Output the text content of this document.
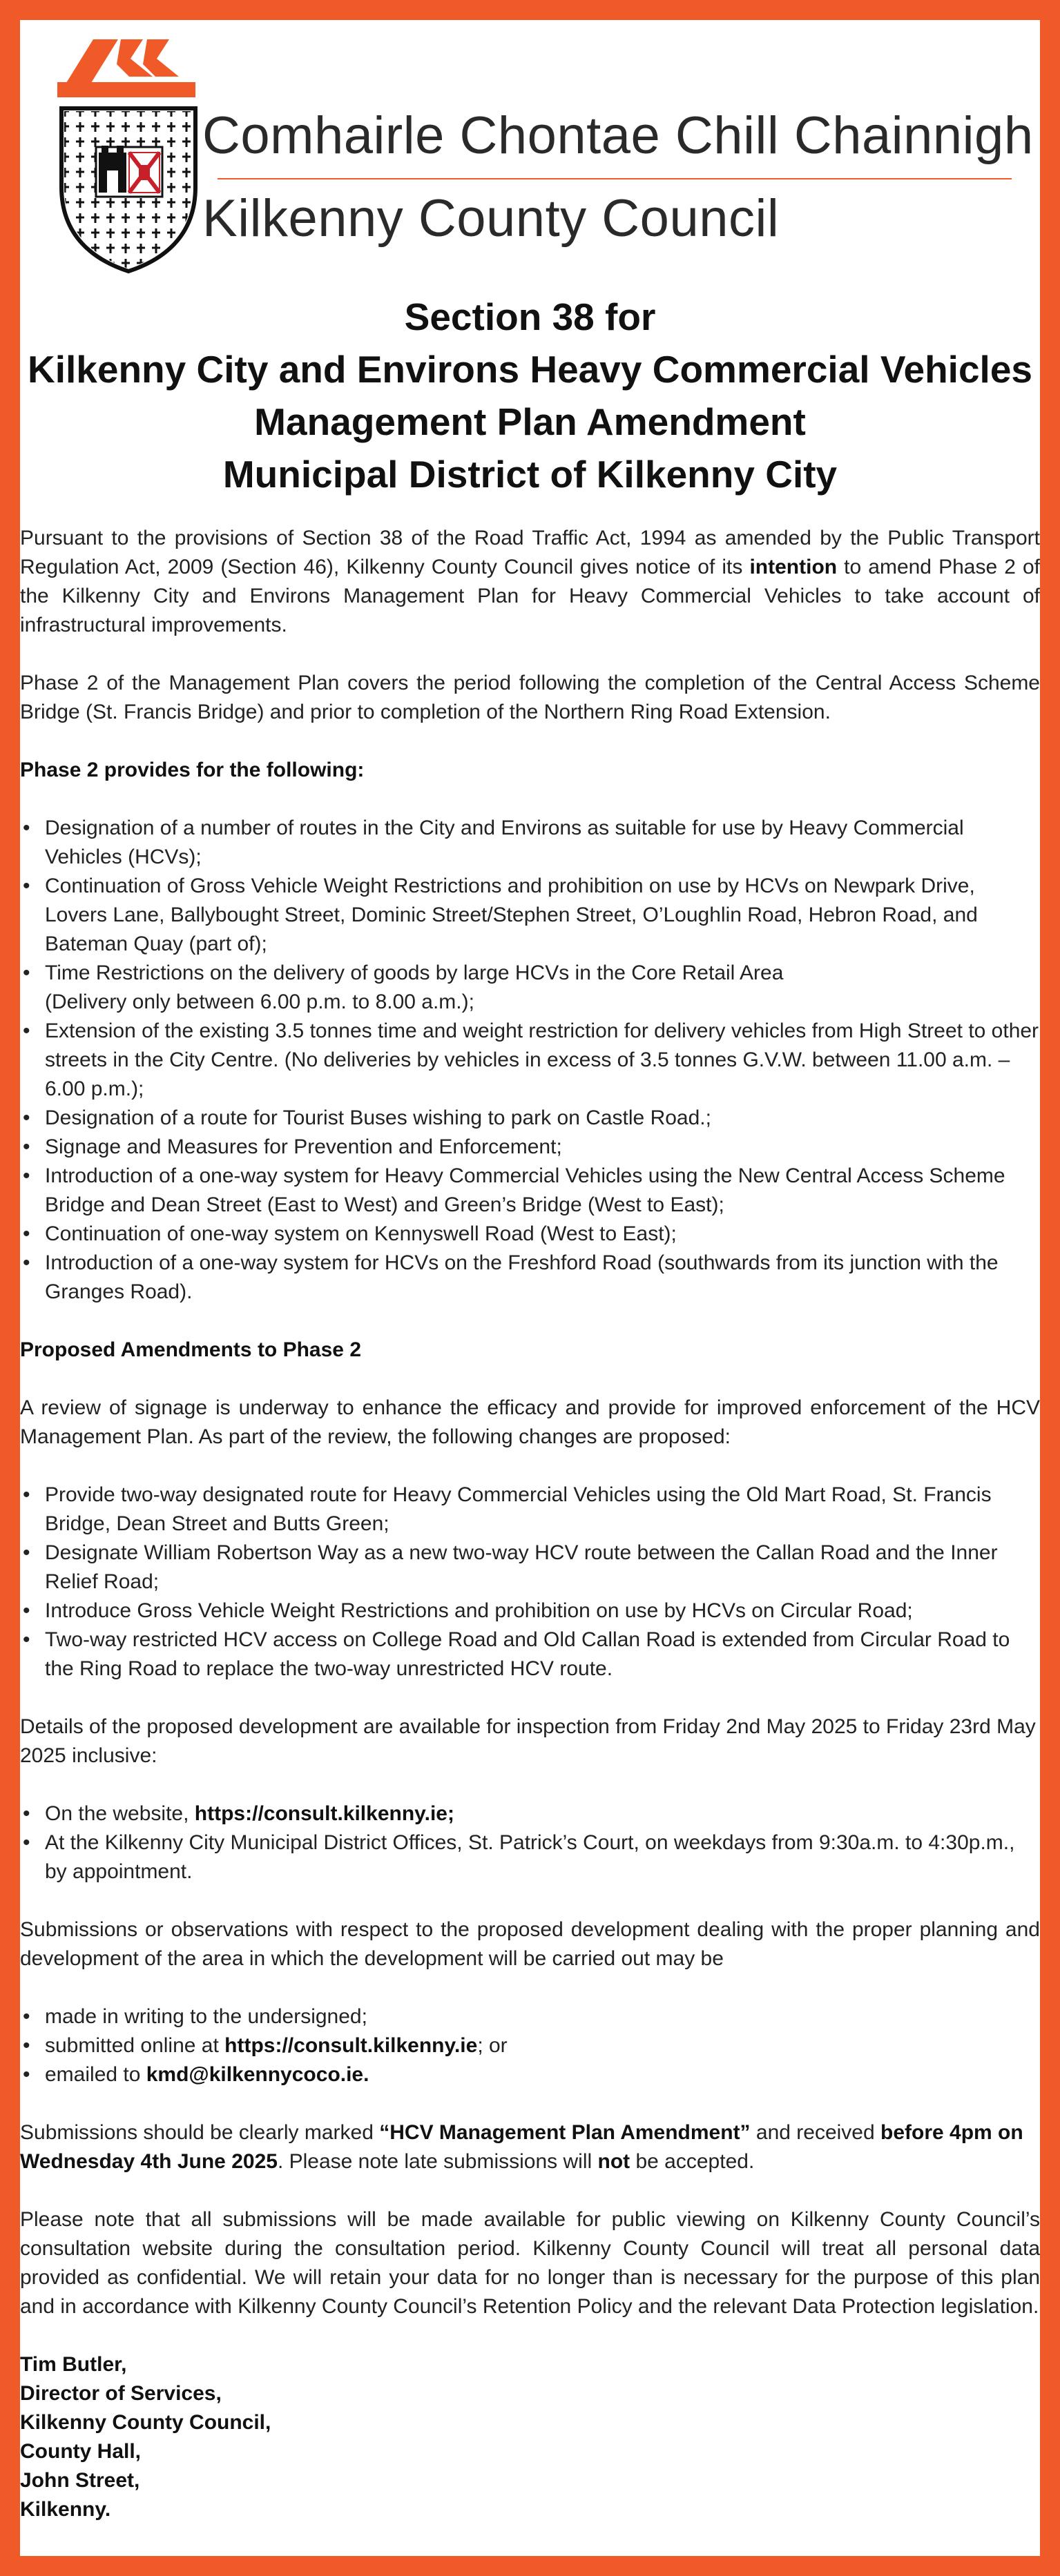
Comhairle Chontae Chill Chainnigh
Kilkenny County Council
Section 38 for
Kilkenny City and Environs Heavy Commercial Vehicles
Management Plan Amendment
Municipal District of Kilkenny City

Pursuant to the provisions of Section 38 of the Road Traffic Act, 1994 as amended by the Public Transport Regulation Act, 2009 (Section 46), Kilkenny County Council gives notice of its intention to amend Phase 2 of the Kilkenny City and Environs Management Plan for Heavy Commercial Vehicles to take account of infrastructural improvements.

Phase 2 of the Management Plan covers the period following the completion of the Central Access Scheme Bridge (St. Francis Bridge) and prior to completion of the Northern Ring Road Extension.

Phase 2 provides for the following:

• Designation of a number of routes in the City and Environs as suitable for use by Heavy Commercial Vehicles (HCVs);
• Continuation of Gross Vehicle Weight Restrictions and prohibition on use by HCVs on Newpark Drive, Lovers Lane, Ballybought Street, Dominic Street/Stephen Street, O’Loughlin Road, Hebron Road, and Bateman Quay (part of);
• Time Restrictions on the delivery of goods by large HCVs in the Core Retail Area
(Delivery only between 6.00 p.m. to 8.00 a.m.);
• Extension of the existing 3.5 tonnes time and weight restriction for delivery vehicles from High Street to other streets in the City Centre. (No deliveries by vehicles in excess of 3.5 tonnes G.V.W. between 11.00 a.m. – 6.00 p.m.);
• Designation of a route for Tourist Buses wishing to park on Castle Road.;
• Signage and Measures for Prevention and Enforcement;
• Introduction of a one-way system for Heavy Commercial Vehicles using the New Central Access Scheme Bridge and Dean Street (East to West) and Green’s Bridge (West to East);
• Continuation of one-way system on Kennyswell Road (West to East);
• Introduction of a one-way system for HCVs on the Freshford Road (southwards from its junction with the Granges Road).

Proposed Amendments to Phase 2

A review of signage is underway to enhance the efficacy and provide for improved enforcement of the HCV Management Plan. As part of the review, the following changes are proposed:

• Provide two-way designated route for Heavy Commercial Vehicles using the Old Mart Road, St. Francis Bridge, Dean Street and Butts Green;
• Designate William Robertson Way as a new two-way HCV route between the Callan Road and the Inner Relief Road;
• Introduce Gross Vehicle Weight Restrictions and prohibition on use by HCVs on Circular Road;
• Two-way restricted HCV access on College Road and Old Callan Road is extended from Circular Road to the Ring Road to replace the two-way unrestricted HCV route.

Details of the proposed development are available for inspection from Friday 2nd May 2025 to Friday 23rd May 2025 inclusive:

• On the website, https://consult.kilkenny.ie;
• At the Kilkenny City Municipal District Offices, St. Patrick’s Court, on weekdays from 9:30a.m. to 4:30p.m., by appointment.

Submissions or observations with respect to the proposed development dealing with the proper planning and development of the area in which the development will be carried out may be

• made in writing to the undersigned;
• submitted online at https://consult.kilkenny.ie; or
• emailed to kmd@kilkennycoco.ie.

Submissions should be clearly marked “HCV Management Plan Amendment” and received before 4pm on Wednesday 4th June 2025. Please note late submissions will not be accepted.

Please note that all submissions will be made available for public viewing on Kilkenny County Council’s consultation website during the consultation period. Kilkenny County Council will treat all personal data provided as confidential. We will retain your data for no longer than is necessary for the purpose of this plan and in accordance with Kilkenny County Council’s Retention Policy and the relevant Data Protection legislation.

Tim Butler,
Director of Services,
Kilkenny County Council,
County Hall,
John Street,
Kilkenny.
